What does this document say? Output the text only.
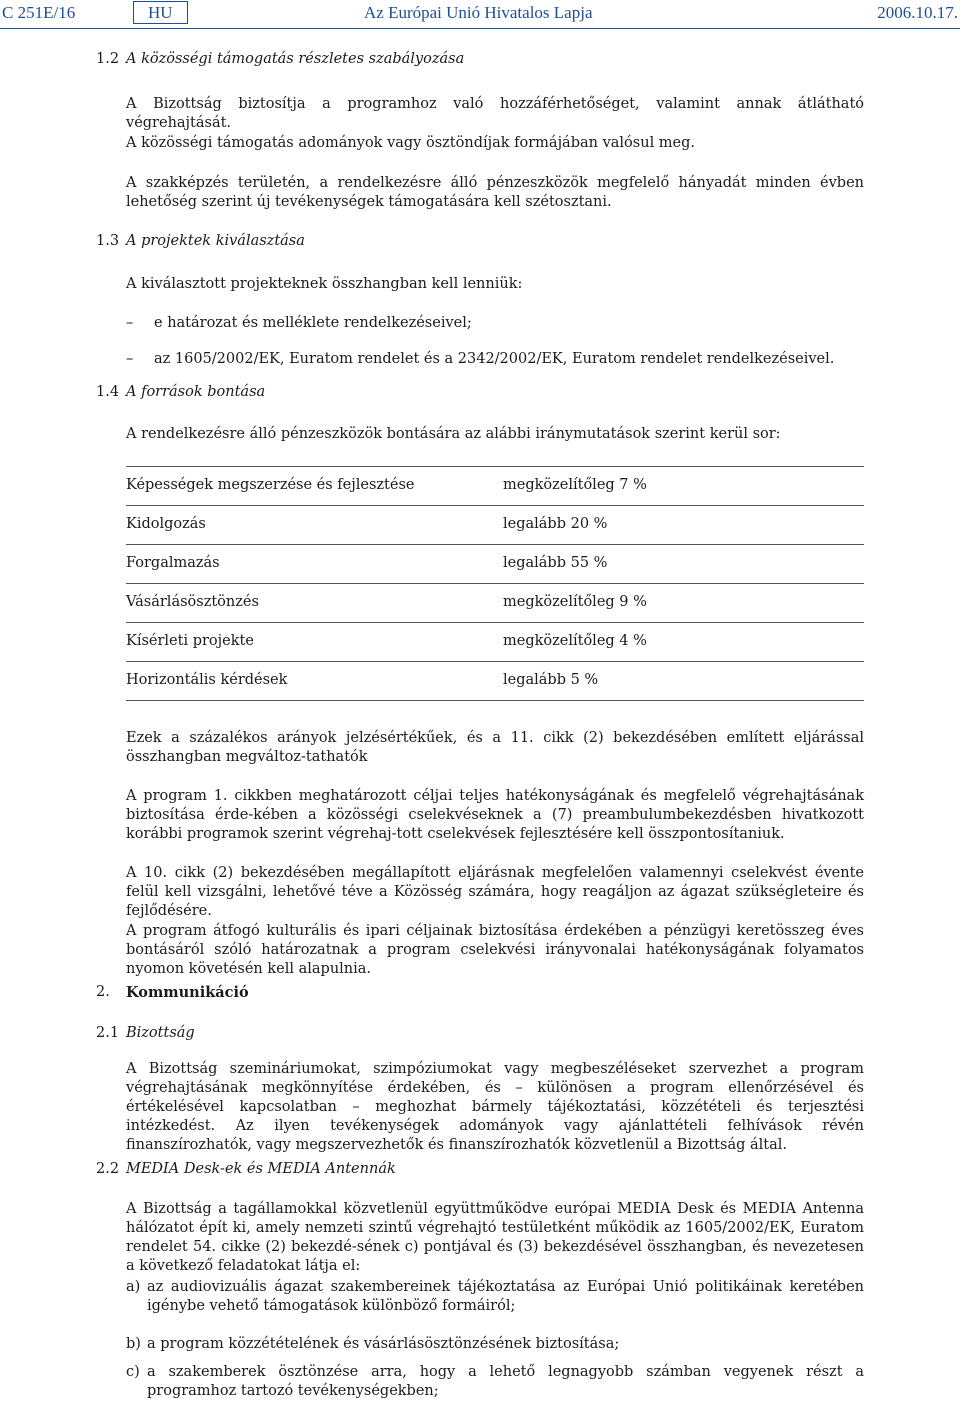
C 251E/16	HU	Az Európai Unió Hivatalos Lapja	2006.10.17.
1.2 A közösségi támogatás részletes szabályozása

A Bizottság biztosítja a programhoz való hozzáférhetőséget, valamint annak átlátható végrehajtását.

A közösségi támogatás adományok vagy ösztöndíjak formájában valósul meg.

A szakképzés területén, a rendelkezésre álló pénzeszközök megfelelő hányadát minden évben lehetőség szerint új tevékenységek támogatására kell szétosztani.

1.3 A projektek kiválasztása

A kiválasztott projekteknek összhangban kell lenniük:

– e határozat és melléklete rendelkezéseivel;
– az 1605/2002/EK, Euratom rendelet és a 2342/2002/EK, Euratom rendelet rendelkezéseivel.
1.4 A források bontása

A rendelkezésre álló pénzeszközök bontására az alábbi iránymutatások szerint kerül sor:

Képességek megszerzése és fejlesztése	megközelítőleg 7 %
Kidolgozás	legalább 20 %
Forgalmazás	legalább 55 %
Vásárlásösztönzés	megközelítőleg 9 %
Kísérleti projekte	megközelítőleg 4 %
Horizontális kérdések	legalább 5 %

Ezek a százalékos arányok jelzésértékűek, és a 11. cikk (2) bekezdésében említett eljárással összhangban megváltoz-tathatók

A program 1. cikkben meghatározott céljai teljes hatékonyságának és megfelelő végrehajtásának biztosítása érde-kében a közösségi cselekvéseknek a (7) preambulumbekezdésben hivatkozott korábbi programok szerint végrehaj-tott cselekvések fejlesztésére kell összpontosítaniuk.

A 10. cikk (2) bekezdésében megállapított eljárásnak megfelelően valamennyi cselekvést évente felül kell vizsgálni, lehetővé téve a Közösség számára, hogy reagáljon az ágazat szükségleteire és fejlődésére.

A program átfogó kulturális és ipari céljainak biztosítása érdekében a pénzügyi keretösszeg éves bontásáról szóló határozatnak a program cselekvési irányvonalai hatékonyságának folyamatos nyomon követésén kell alapulnia.

2. Kommunikáció
2.1 Bizottság

A Bizottság szemináriumokat, szimpóziumokat vagy megbeszéléseket szervezhet a program végrehajtásának megkönnyítése érdekében, és – különösen a program ellenőrzésével és értékelésével kapcsolatban – meghozhat bármely tájékoztatási, közzétételi és terjesztési intézkedést. Az ilyen tevékenységek adományok vagy ajánlattételi felhívások révén finanszírozhatók, vagy megszervezhetők és finanszírozhatók közvetlenül a Bizottság által.

2.2 MEDIA Desk-ek és MEDIA Antennák

A Bizottság a tagállamokkal közvetlenül együttműködve európai MEDIA Desk és MEDIA Antenna hálózatot épít ki, amely nemzeti szintű végrehajtó testületként működik az 1605/2002/EK, Euratom rendelet 54. cikke (2) bekezdé-sének c) pontjával és (3) bekezdésével összhangban, és nevezetesen a következő feladatokat látja el:

a) az audiovizuális ágazat szakembereinek tájékoztatása az Európai Unió politikáinak keretében igénybe vehető támogatások különböző formáiról;

b) a program közzétételének és vásárlásösztönzésének biztosítása;

c) a szakemberek ösztönzése arra, hogy a lehető legnagyobb számban vegyenek részt a programhoz tartozó tevékenységekben;
